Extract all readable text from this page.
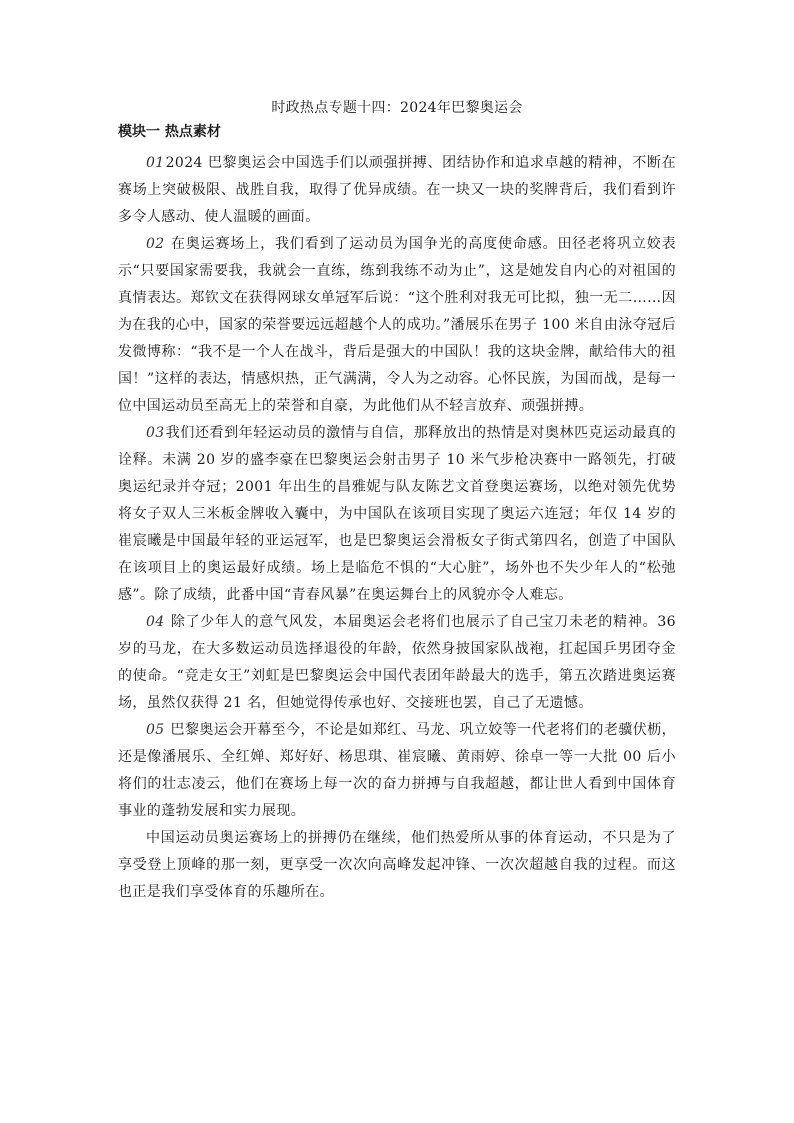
时政热点专题十四：2024年巴黎奥运会
模块一 热点素材

012024 巴黎奥运会中国选手们以顽强拼搏、团结协作和追求卓越的精神，不断在赛场上突破极限、战胜自我，取得了优异成绩。在一块又一块的奖牌背后，我们看到许多令人感动、使人温暖的画面。

02 在奥运赛场上，我们看到了运动员为国争光的高度使命感。田径老将巩立姣表示“只要国家需要我，我就会一直练，练到我练不动为止”，这是她发自内心的对祖国的真情表达。郑钦文在获得网球女单冠军后说：“这个胜利对我无可比拟，独一无二……因为在我的心中，国家的荣誉要远远超越个人的成功。”潘展乐在男子 100 米自由泳夺冠后发微博称：“我不是一个人在战斗，背后是强大的中国队！我的这块金牌，献给伟大的祖国！”这样的表达，情感炽热，正气满满，令人为之动容。心怀民族，为国而战，是每一位中国运动员至高无上的荣誉和自豪，为此他们从不轻言放弃、顽强拼搏。

03我们还看到年轻运动员的激情与自信，那释放出的热情是对奥林匹克运动最真的诠释。未满 20 岁的盛李豪在巴黎奥运会射击男子 10 米气步枪决赛中一路领先，打破奥运纪录并夺冠；2001 年出生的昌雅妮与队友陈艺文首登奥运赛场，以绝对领先优势将女子双人三米板金牌收入囊中，为中国队在该项目实现了奥运六连冠；年仅 14 岁的崔宸曦是中国最年轻的亚运冠军，也是巴黎奥运会滑板女子街式第四名，创造了中国队在该项目上的奥运最好成绩。场上是临危不惧的“大心脏”，场外也不失少年人的“松弛感”。除了成绩，此番中国“青春风暴”在奥运舞台上的风貌亦令人难忘。

04 除了少年人的意气风发，本届奥运会老将们也展示了自己宝刀未老的精神。36 岁的马龙，在大多数运动员选择退役的年龄，依然身披国家队战袍，扛起国乒男团夺金的使命。“竞走女王”刘虹是巴黎奥运会中国代表团年龄最大的选手，第五次踏进奥运赛场，虽然仅获得 21 名，但她觉得传承也好、交接班也罢，自己了无遗憾。

05 巴黎奥运会开幕至今，不论是如郑红、马龙、巩立姣等一代老将们的老骥伏枥，还是像潘展乐、全红婵、郑好好、杨思琪、崔宸曦、黄雨婷、徐卓一等一大批 00 后小将们的壮志凌云，他们在赛场上每一次的奋力拼搏与自我超越，都让世人看到中国体育事业的蓬勃发展和实力展现。

中国运动员奥运赛场上的拼搏仍在继续，他们热爱所从事的体育运动，不只是为了享受登上顶峰的那一刻，更享受一次次向高峰发起冲锋、一次次超越自我的过程。而这也正是我们享受体育的乐趣所在。
